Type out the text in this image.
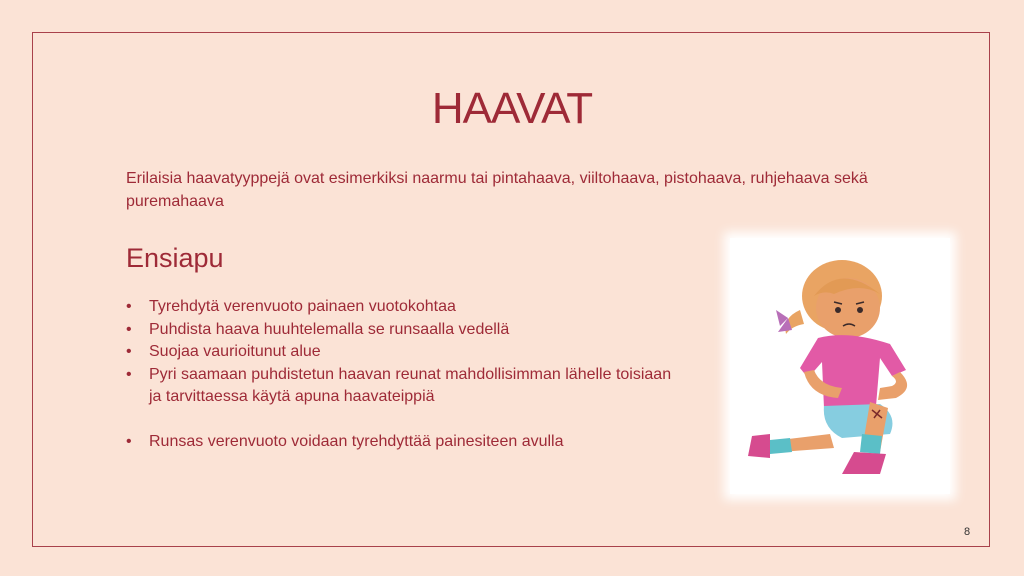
HAAVAT
Erilaisia haavatyyppejä ovat esimerkiksi naarmu tai pintahaava, viiltohaava, pistohaava, ruhjehaava sekä puremahaava
Ensiapu
• Tyrehdytä verenvuoto painaen vuotokohtaa
• Puhdista haava huuhtelemalla se runsaalla vedellä
• Suojaa vaurioitunut alue
• Pyri saamaan puhdistetun haavan reunat mahdollisimman lähelle toisiaan ja tarvittaessa käytä apuna haavateippiä
• Runsas verenvuoto voidaan tyrehdyttää painesiteen avulla
8
